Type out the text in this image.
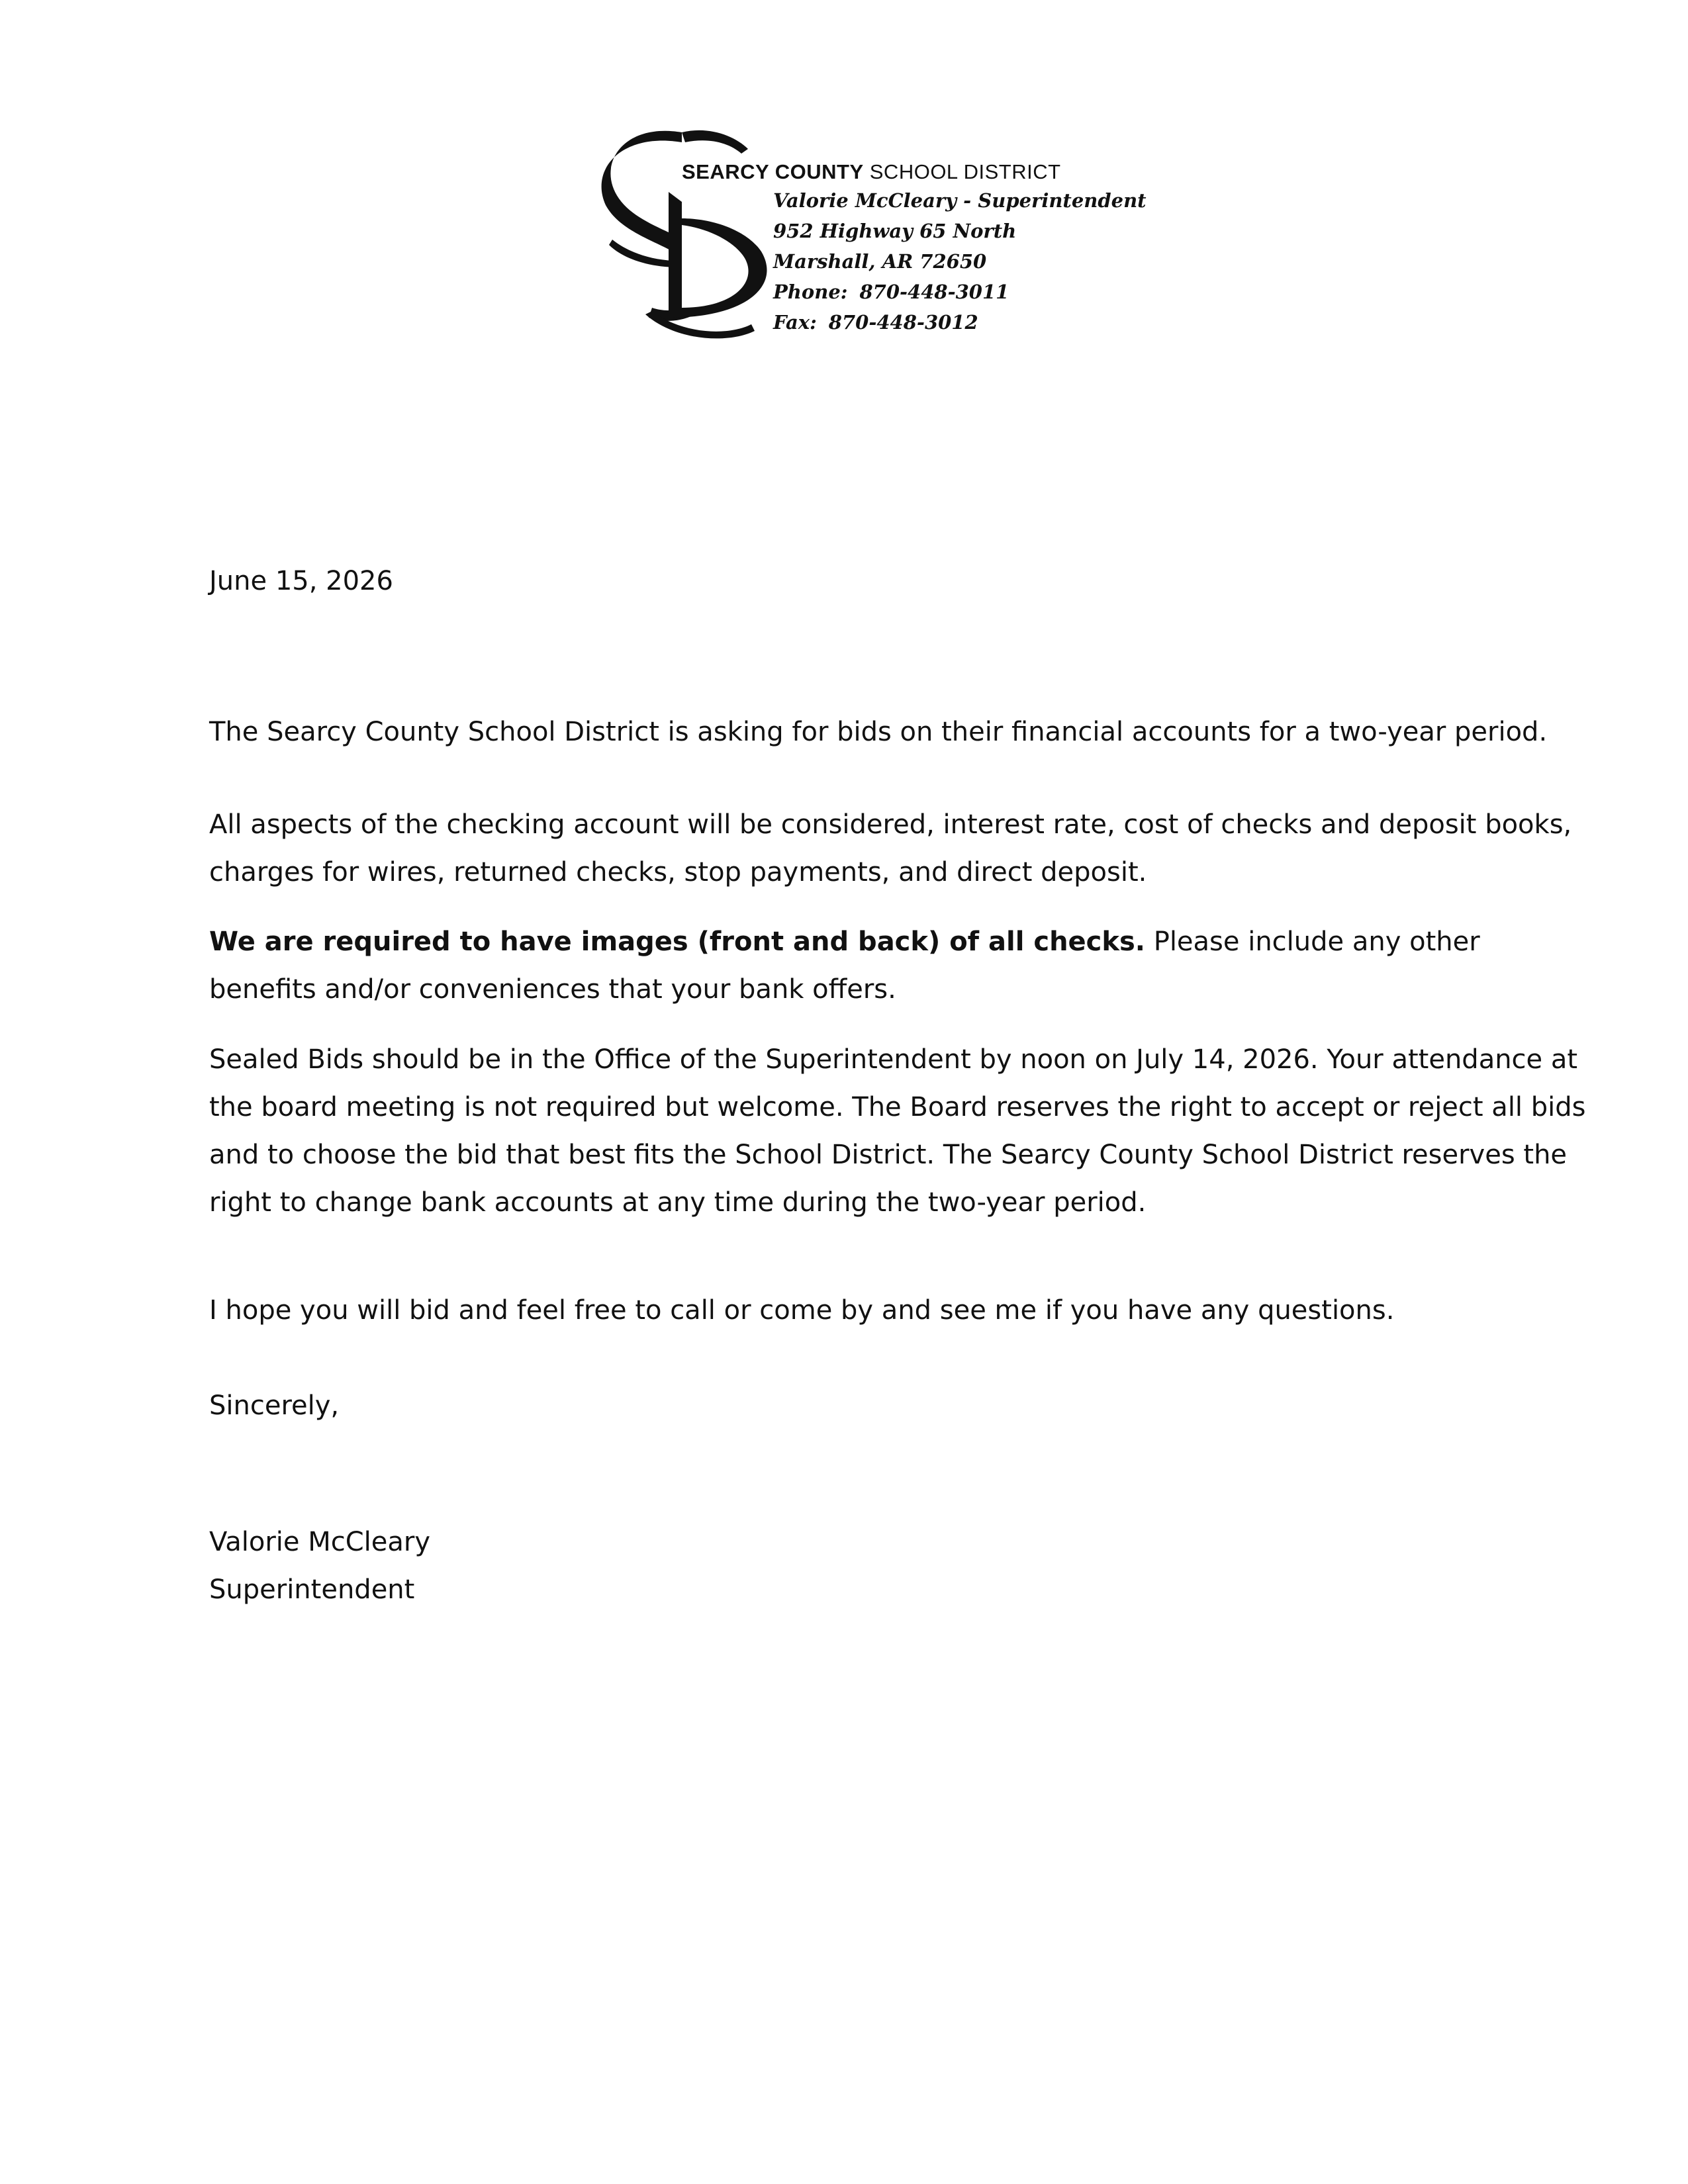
SEARCY COUNTY SCHOOL DISTRICT
Valorie McCleary - Superintendent
952 Highway 65 North
Marshall, AR 72650
Phone: 870-448-3011
Fax: 870-448-3012
June 15, 2026
The Searcy County School District is asking for bids on their financial accounts for a two-year period.
All aspects of the checking account will be considered, interest rate, cost of checks and deposit books, charges for wires, returned checks, stop payments, and direct deposit.
We are required to have images (front and back) of all checks. Please include any other benefits and/or conveniences that your bank offers.
Sealed Bids should be in the Office of the Superintendent by noon on July 14, 2026. Your attendance at the board meeting is not required but welcome. The Board reserves the right to accept or reject all bids and to choose the bid that best fits the School District. The Searcy County School District reserves the right to change bank accounts at any time during the two-year period.
I hope you will bid and feel free to call or come by and see me if you have any questions.
Sincerely,
Valorie McCleary
Superintendent
